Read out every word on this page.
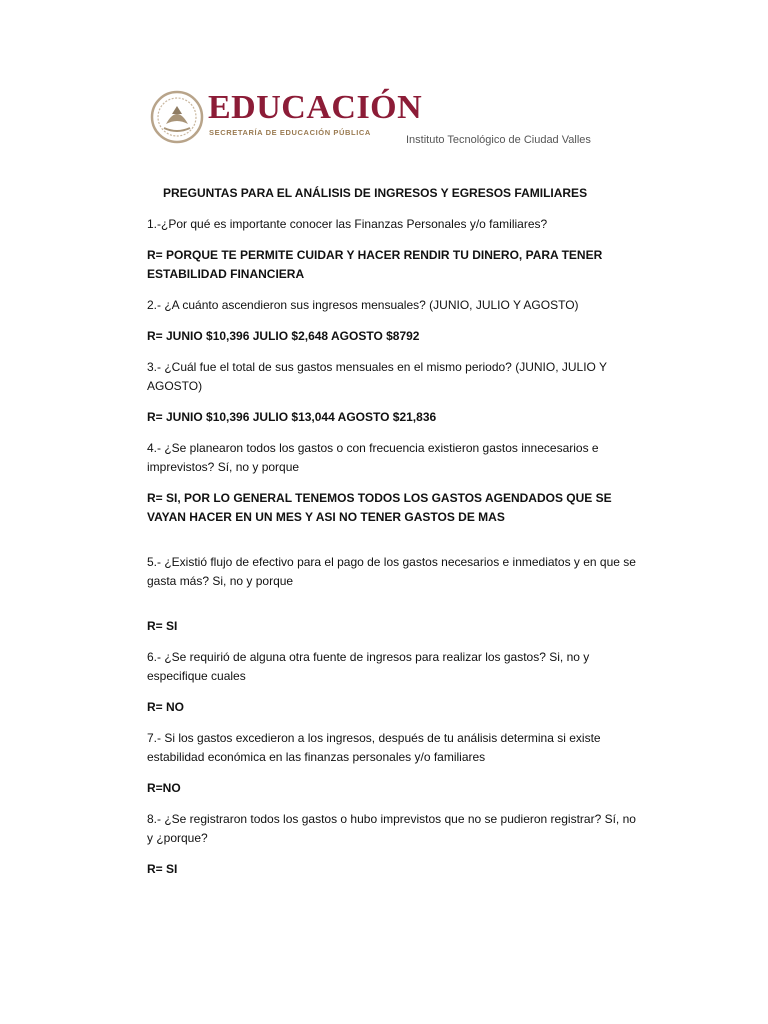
EDUCACIÓN
SECRETARÍA DE EDUCACIÓN PÚBLICA
Instituto Tecnológico de Ciudad Valles
PREGUNTAS PARA EL ANÁLISIS DE INGRESOS Y EGRESOS FAMILIARES
1.-¿Por qué es importante conocer las Finanzas Personales y/o familiares?
R= PORQUE TE PERMITE CUIDAR Y HACER RENDIR TU DINERO, PARA TENER ESTABILIDAD FINANCIERA
2.- ¿A cuánto ascendieron sus ingresos mensuales? (JUNIO, JULIO Y AGOSTO)
R= JUNIO $10,396 JULIO $2,648 AGOSTO $8792
3.- ¿Cuál fue el total de sus gastos mensuales en el mismo periodo? (JUNIO, JULIO Y AGOSTO)
R= JUNIO $10,396 JULIO $13,044 AGOSTO $21,836
4.- ¿Se planearon todos los gastos o con frecuencia existieron gastos innecesarios e imprevistos? Sí, no y porque
R= SI, POR LO GENERAL TENEMOS TODOS LOS GASTOS AGENDADOS QUE SE VAYAN HACER EN UN MES Y ASI NO TENER GASTOS DE MAS
5.- ¿Existió flujo de efectivo para el pago de los gastos necesarios e inmediatos y en que se gasta más? Si, no y porque
R= SI
6.- ¿Se requirió de alguna otra fuente de ingresos para realizar los gastos? Si, no y especifique cuales
R= NO
7.- Si los gastos excedieron a los ingresos, después de tu análisis determina si existe estabilidad económica en las finanzas personales y/o familiares
R=NO
8.- ¿Se registraron todos los gastos o hubo imprevistos que no se pudieron registrar? Sí, no y ¿porque?
R= SI
